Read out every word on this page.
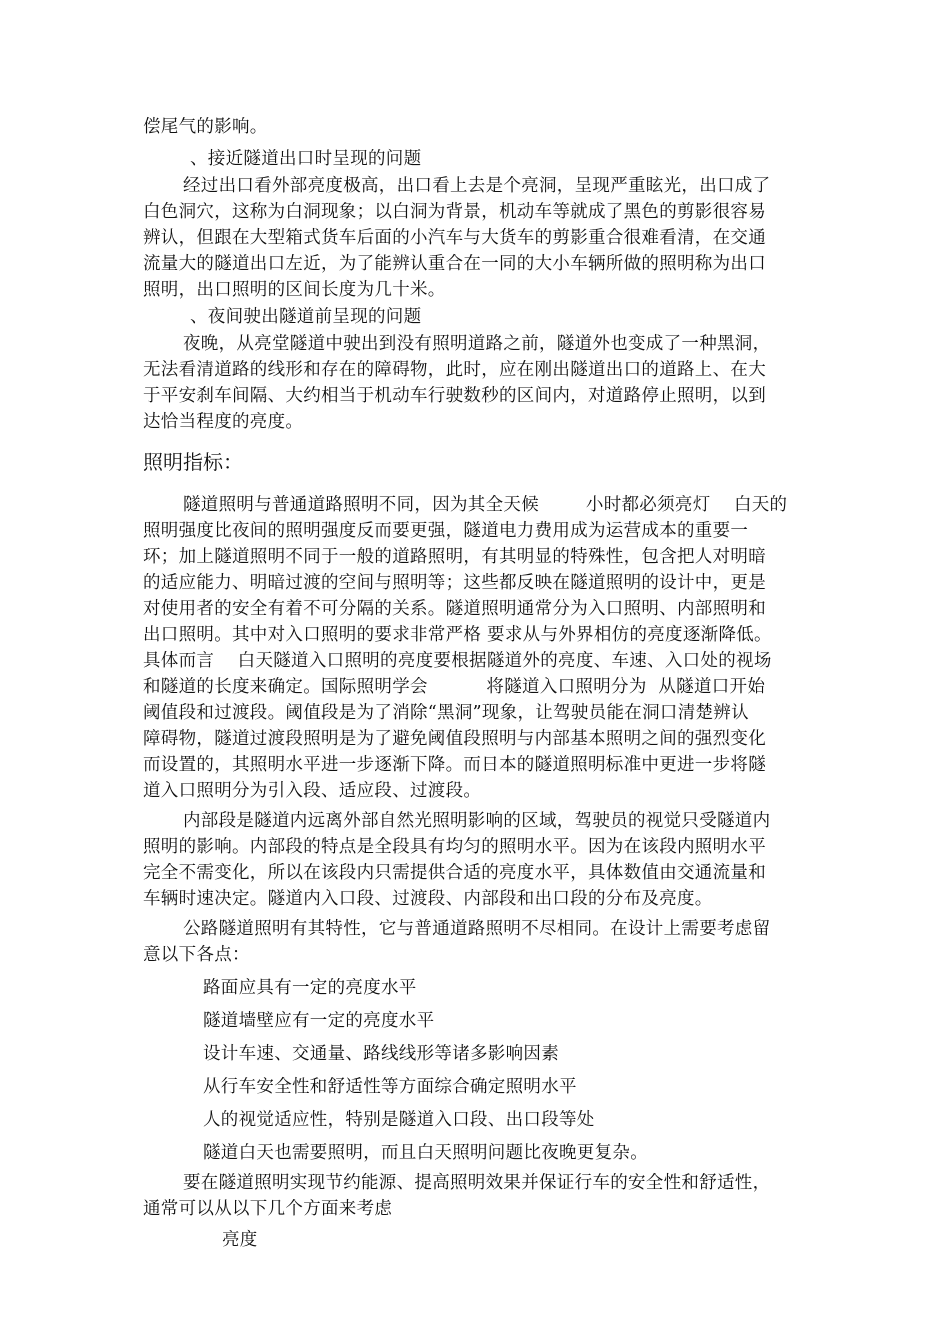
偿尾气的影响。
、接近隧道出口时呈现的问题
经过出口看外部亮度极高，出口看上去是个亮洞，呈现严重眩光，出口成了
白色洞穴，这称为白洞现象；以白洞为背景，机动车等就成了黑色的剪影很容易
辨认，但跟在大型箱式货车后面的小汽车与大货车的剪影重合很难看清，在交通
流量大的隧道出口左近，为了能辨认重合在一同的大小车辆所做的照明称为出口
照明，出口照明的区间长度为几十米。
、夜间驶出隧道前呈现的问题
夜晚，从亮堂隧道中驶出到没有照明道路之前，隧道外也变成了一种黑洞，
无法看清道路的线形和存在的障碍物，此时，应在刚出隧道出口的道路上、在大
于平安刹车间隔、大约相当于机动车行驶数秒的区间内，对道路停止照明，以到
达恰当程度的亮度。
照明指标：
隧道照明与普通道路照明不同，因为其全天候        小时都必须亮灯    白天的
照明强度比夜间的照明强度反而要更强，隧道电力费用成为运营成本的重要一
环；加上隧道照明不同于一般的道路照明，有其明显的特殊性，包含把人对明暗
的适应能力、明暗过渡的空间与照明等；这些都反映在隧道照明的设计中，更是
对使用者的安全有着不可分隔的关系。隧道照明通常分为入口照明、内部照明和
出口照明。其中对入口照明的要求非常严格 要求从与外界相仿的亮度逐渐降低。
具体而言    白天隧道入口照明的亮度要根据隧道外的亮度、车速、入口处的视场
和隧道的长度来确定。国际照明学会          将隧道入口照明分为  从隧道口开始
阈值段和过渡段。阈值段是为了消除“黑洞”现象，让驾驶员能在洞口清楚辨认
障碍物，隧道过渡段照明是为了避免阈值段照明与内部基本照明之间的强烈变化
而设置的，其照明水平进一步逐渐下降。而日本的隧道照明标准中更进一步将隧
道入口照明分为引入段、适应段、过渡段。
内部段是隧道内远离外部自然光照明影响的区域，驾驶员的视觉只受隧道内
照明的影响。内部段的特点是全段具有均匀的照明水平。因为在该段内照明水平
完全不需变化，所以在该段内只需提供合适的亮度水平，具体数值由交通流量和
车辆时速决定。隧道内入口段、过渡段、内部段和出口段的分布及亮度。
公路隧道照明有其特性，它与普通道路照明不尽相同。在设计上需要考虑留
意以下各点：
路面应具有一定的亮度水平
隧道墙壁应有一定的亮度水平
设计车速、交通量、路线线形等诸多影响因素
从行车安全性和舒适性等方面综合确定照明水平
人的视觉适应性，特别是隧道入口段、出口段等处
隧道白天也需要照明，而且白天照明问题比夜晚更复杂。
要在隧道照明实现节约能源、提高照明效果并保证行车的安全性和舒适性，
通常可以从以下几个方面来考虑
亮度
